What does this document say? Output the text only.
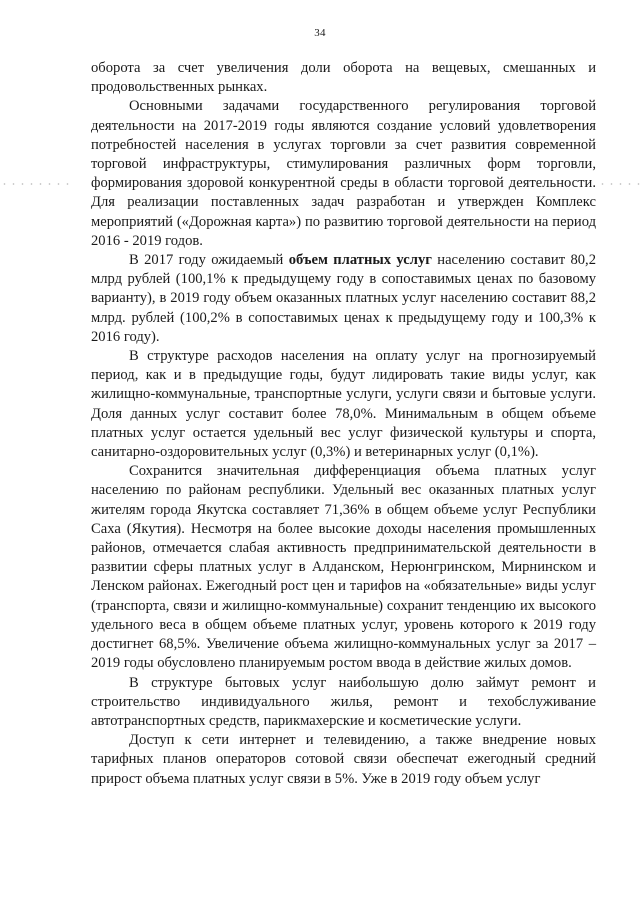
34

оборота за счет увеличения доли оборота на вещевых, смешанных и продовольственных рынках.

Основными задачами государственного регулирования торговой деятельности на 2017-2019 годы являются создание условий удовлетворения потребностей населения в услугах торговли за счет развития современной торговой инфраструктуры, стимулирования различных форм торговли, формирования здоровой конкурентной среды в области торговой деятельности. Для реализации поставленных задач разработан и утвержден Комплекс мероприятий («Дорожная карта») по развитию торговой деятельности на период 2016 - 2019 годов.

В 2017 году ожидаемый объем платных услуг населению составит 80,2 млрд рублей (100,1% к предыдущему году в сопоставимых ценах по базовому варианту), в 2019 году объем оказанных платных услуг населению составит 88,2 млрд. рублей (100,2% в сопоставимых ценах к предыдущему году и 100,3% к 2016 году).

В структуре расходов населения на оплату услуг на прогнозируемый период, как и в предыдущие годы, будут лидировать такие виды услуг, как жилищно-коммунальные, транспортные услуги, услуги связи и бытовые услуги. Доля данных услуг составит более 78,0%. Минимальным в общем объеме платных услуг остается удельный вес услуг физической культуры и спорта, санитарно-оздоровительных услуг (0,3%) и ветеринарных услуг (0,1%).

Сохранится значительная дифференциация объема платных услуг населению по районам республики. Удельный вес оказанных платных услуг жителям города Якутска составляет 71,36% в общем объеме услуг Республики Саха (Якутия). Несмотря на более высокие доходы населения промышленных районов, отмечается слабая активность предпринимательской деятельности в развитии сферы платных услуг в Алданском, Нерюнгринском, Мирнинском и Ленском районах. Ежегодный рост цен и тарифов на «обязательные» виды услуг (транспорта, связи и жилищно-коммунальные) сохранит тенденцию их высокого удельного веса в общем объеме платных услуг, уровень которого к 2019 году достигнет 68,5%. Увеличение объема жилищно-коммунальных услуг за 2017 – 2019 годы обусловлено планируемым ростом ввода в действие жилых домов.

В структуре бытовых услуг наибольшую долю займут ремонт и строительство индивидуального жилья, ремонт и техобслуживание автотранспортных средств, парикмахерские и косметические услуги.

Доступ к сети интернет и телевидению, а также внедрение новых тарифных планов операторов сотовой связи обеспечат ежегодный средний прирост объема платных услуг связи в 5%. Уже в 2019 году объем услуг
